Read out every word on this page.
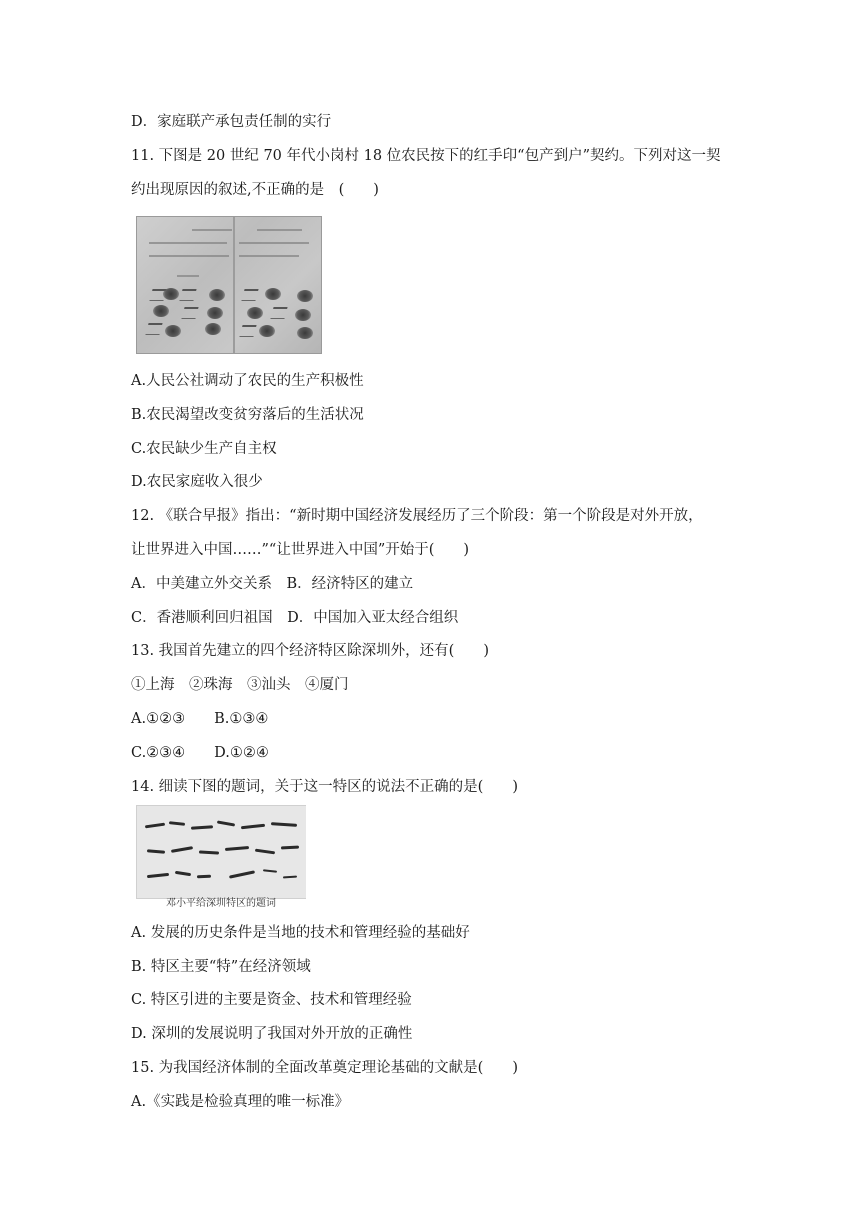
D．家庭联产承包责任制的实行

11. 下图是 20 世纪 70 年代小岗村 18 位农民按下的红手印“包产到户”契约。下列对这一契

约出现原因的叙述,不正确的是　(　　)

A.人民公社调动了农民的生产积极性

B.农民渴望改变贫穷落后的生活状况

C.农民缺少生产自主权

D.农民家庭收入很少

12. 《联合早报》指出：“新时期中国经济发展经历了三个阶段：第一个阶段是对外开放，

让世界进入中国……”“让世界进入中国”开始于(　　)

A．中美建立外交关系　B．经济特区的建立

C．香港顺利回归祖国　D．中国加入亚太经合组织

13. 我国首先建立的四个经济特区除深圳外，还有(　　)

①上海　②珠海　③汕头　④厦门

A.①②③　　B.①③④

C.②③④　　D.①②④

14. 细读下图的题词，关于这一特区的说法不正确的是(　　)

邓小平给深圳特区的题词

A. 发展的历史条件是当地的技术和管理经验的基础好

B. 特区主要“特”在经济领域

C. 特区引进的主要是资金、技术和管理经验

D. 深圳的发展说明了我国对外开放的正确性

15. 为我国经济体制的全面改革奠定理论基础的文献是(　　)

A.《实践是检验真理的唯一标准》
